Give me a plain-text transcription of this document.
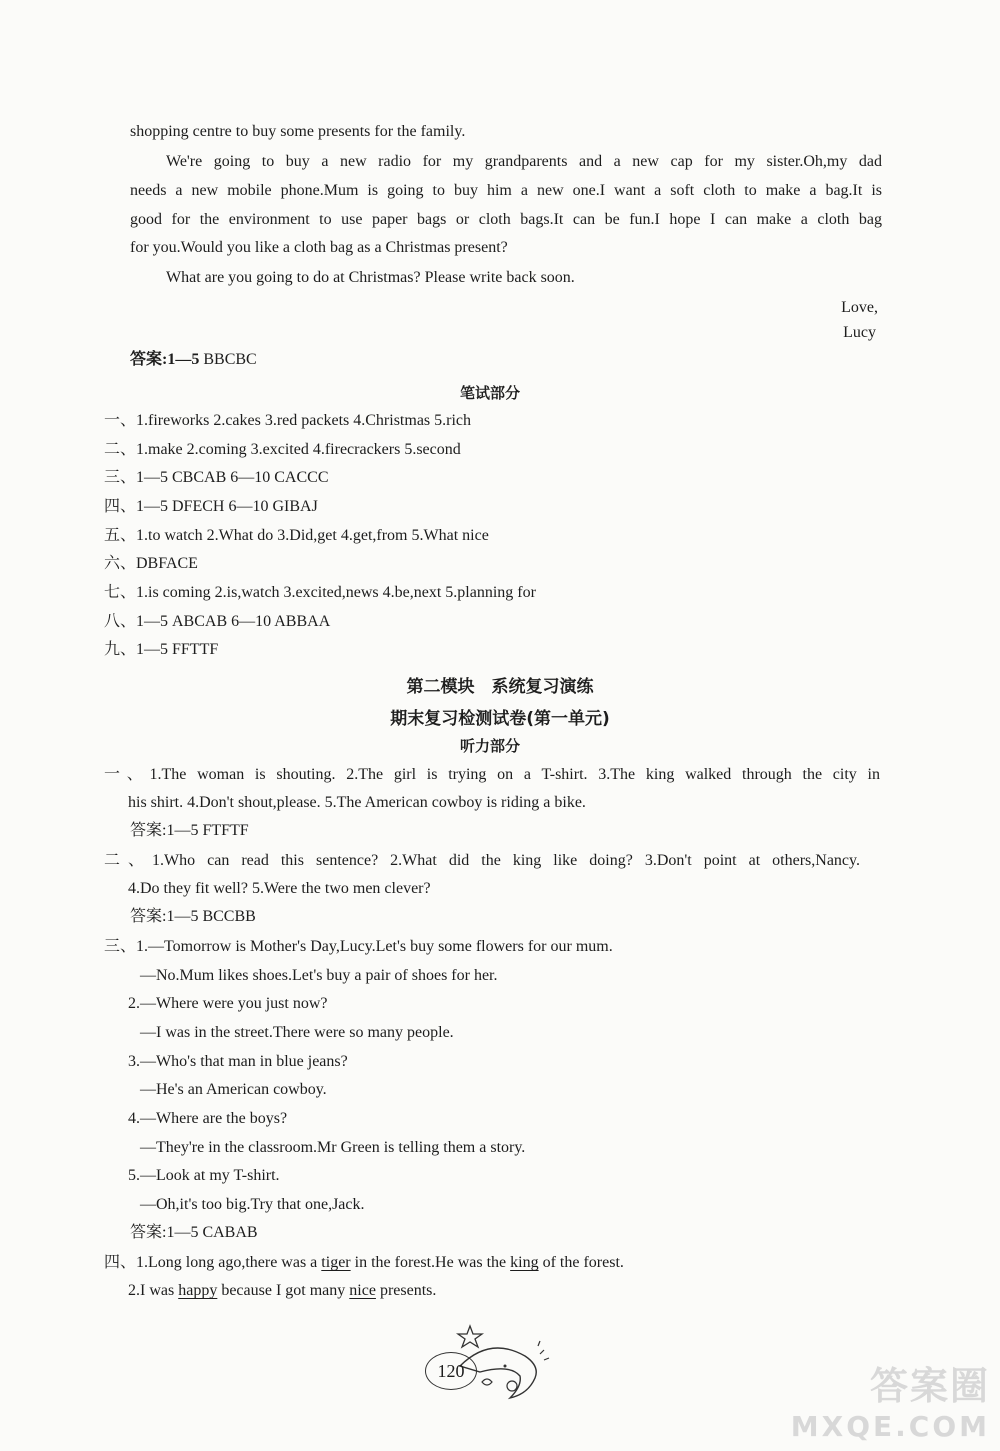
shopping centre to buy some presents for the family.
We're going to buy a new radio for my grandparents and a new cap for my sister.Oh,my dad
needs a new mobile phone.Mum is going to buy him a new one.I want a soft cloth to make a bag.It is
good for the environment to use paper bags or cloth bags.It can be fun.I hope I can make a cloth bag
for you.Would you like a cloth bag as a Christmas present?
What are you going to do at Christmas? Please write back soon.
Love,
Lucy
答案:1—5 BBCBC
笔试部分
一、1.fireworks 2.cakes 3.red packets 4.Christmas 5.rich
二、1.make 2.coming 3.excited 4.firecrackers 5.second
三、1—5 CBCAB 6—10 CACCC
四、1—5 DFECH 6—10 GIBAJ
五、1.to watch 2.What do 3.Did,get 4.get,from 5.What nice
六、DBFACE
七、1.is coming 2.is,watch 3.excited,news 4.be,next 5.planning for
八、1—5 ABCAB 6—10 ABBAA
九、1—5 FFTTF
第二模块　系统复习演练
期末复习检测试卷(第一单元)
听力部分
一、1.The woman is shouting. 2.The girl is trying on a T-shirt. 3.The king walked through the city in
his shirt. 4.Don't shout,please. 5.The American cowboy is riding a bike.
答案:1—5 FTFTF
二、1.Who can read this sentence? 2.What did the king like doing? 3.Don't point at others,Nancy.
4.Do they fit well? 5.Were the two men clever?
答案:1—5 BCCBB
三、1.—Tomorrow is Mother's Day,Lucy.Let's buy some flowers for our mum.
—No.Mum likes shoes.Let's buy a pair of shoes for her.
2.—Where were you just now?
—I was in the street.There were so many people.
3.—Who's that man in blue jeans?
—He's an American cowboy.
4.—Where are the boys?
—They're in the classroom.Mr Green is telling them a story.
5.—Look at my T-shirt.
—Oh,it's too big.Try that one,Jack.
答案:1—5 CABAB
四、1.Long long ago,there was a tiger in the forest.He was the king of the forest.
2.I was happy because I got many nice presents.
120	答案圈
MXQE.COM
